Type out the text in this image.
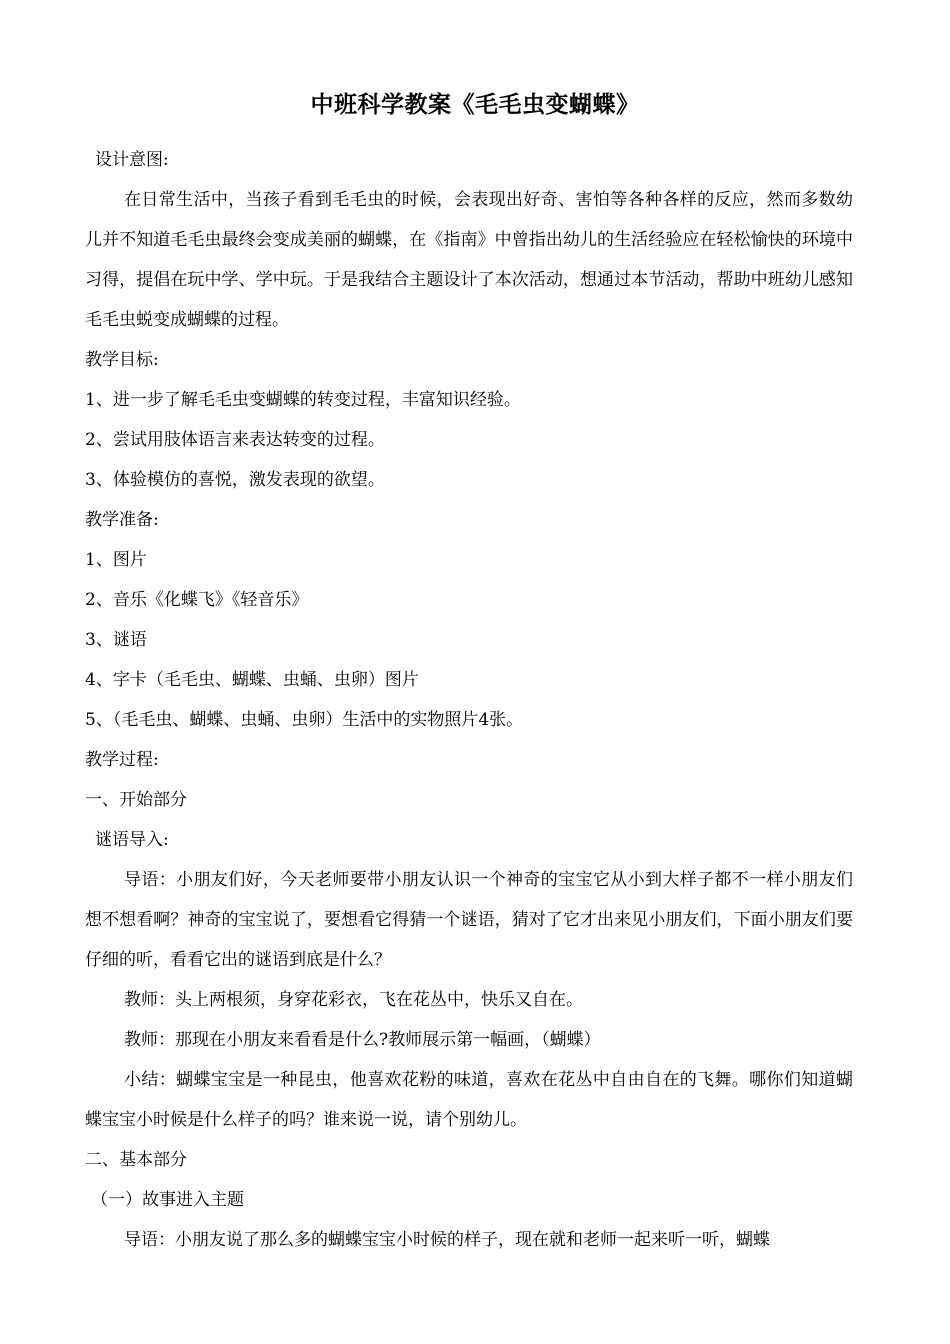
中班科学教案《毛毛虫变蝴蝶》

设计意图:

在日常生活中，当孩子看到毛毛虫的时候，会表现出好奇、害怕等各种各样的反应，然而多数幼儿并不知道毛毛虫最终会变成美丽的蝴蝶，在《指南》中曾指出幼儿的生活经验应在轻松愉快的环境中习得，提倡在玩中学、学中玩。于是我结合主题设计了本次活动，想通过本节活动，帮助中班幼儿感知毛毛虫蜕变成蝴蝶的过程。

教学目标:

1、进一步了解毛毛虫变蝴蝶的转变过程，丰富知识经验。

2、尝试用肢体语言来表达转变的过程。

3、体验模仿的喜悦，激发表现的欲望。

教学准备:

1、图片

2、音乐《化蝶飞》《轻音乐》

3、谜语

4、字卡（毛毛虫、蝴蝶、虫蛹、虫卵）图片

5、（毛毛虫、蝴蝶、虫蛹、虫卵）生活中的实物照片4张。

教学过程:

一、开始部分

谜语导入:

导语：小朋友们好，今天老师要带小朋友认识一个神奇的宝宝它从小到大样子都不一样小朋友们想不想看啊？神奇的宝宝说了，要想看它得猜一个谜语，猜对了它才出来见小朋友们，下面小朋友们要仔细的听，看看它出的谜语到底是什么？

教师：头上两根须，身穿花彩衣，飞在花丛中，快乐又自在。

教师：那现在小朋友来看看是什么?教师展示第一幅画，（蝴蝶）

小结：蝴蝶宝宝是一种昆虫，他喜欢花粉的味道，喜欢在花丛中自由自在的飞舞。哪你们知道蝴蝶宝宝小时候是什么样子的吗？谁来说一说，请个别幼儿。

二、基本部分

（一）故事进入主题

导语：小朋友说了那么多的蝴蝶宝宝小时候的样子，现在就和老师一起来听一听，蝴蝶
